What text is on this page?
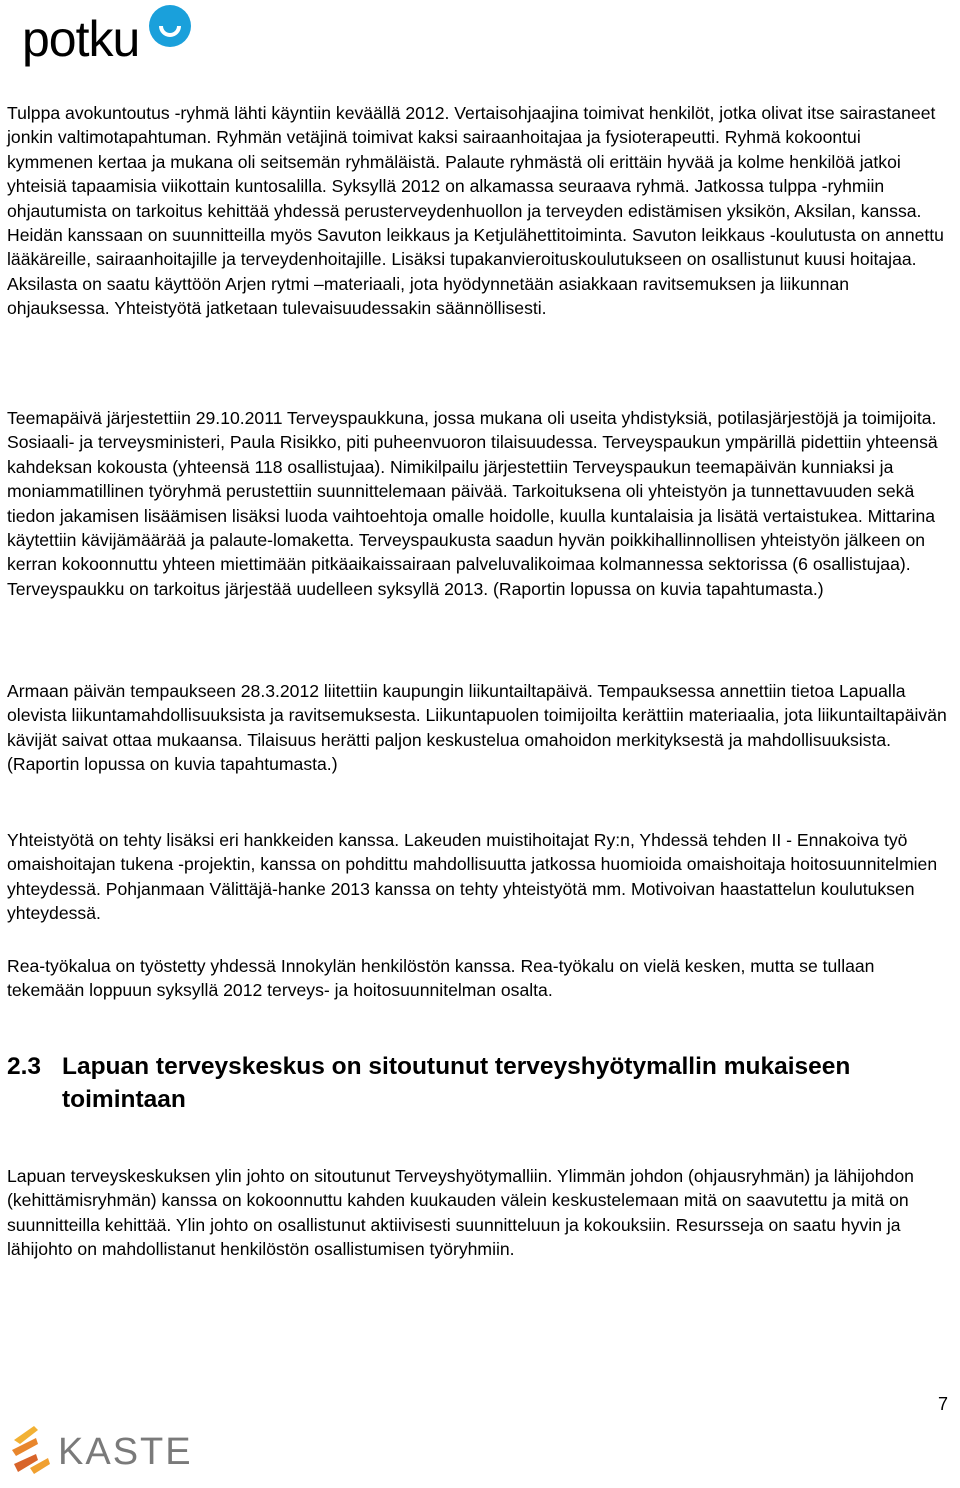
potku

Tulppa avokuntoutus -ryhmä lähti käyntiin keväällä 2012. Vertaisohjaajina toimivat henkilöt, jotka olivat itse sairastaneet jonkin valtimotapahtuman. Ryhmän vetäjinä toimivat kaksi sairaanhoitajaa ja fysioterapeutti. Ryhmä kokoontui kymmenen kertaa ja mukana oli seitsemän ryhmäläistä. Palaute ryhmästä oli erittäin hyvää ja kolme henkilöä jatkoi yhteisiä tapaamisia viikottain kuntosalilla. Syksyllä 2012 on alkamassa seuraava ryhmä. Jatkossa tulppa -ryhmiin ohjautumista on tarkoitus kehittää yhdessä perusterveydenhuollon ja terveyden edistämisen yksikön, Aksilan, kanssa. Heidän kanssaan on suunnitteilla myös Savuton leikkaus ja Ketjulähettitoiminta. Savuton leikkaus -koulutusta on annettu lääkäreille, sairaanhoitajille ja terveydenhoitajille. Lisäksi tupakanvieroituskoulutukseen on osallistunut kuusi hoitajaa. Aksilasta on saatu käyttöön Arjen rytmi –materiaali, jota hyödynnetään asiakkaan ravitsemuksen ja liikunnan ohjauksessa. Yhteistyötä jatketaan tulevaisuudessakin säännöllisesti.

Teemapäivä järjestettiin 29.10.2011 Terveyspaukkuna, jossa mukana oli useita yhdistyksiä, potilasjärjestöjä ja toimijoita. Sosiaali- ja terveysministeri, Paula Risikko, piti puheenvuoron tilaisuudessa. Terveyspaukun ympärillä pidettiin yhteensä kahdeksan kokousta (yhteensä 118 osallistujaa). Nimikilpailu järjestettiin Terveyspaukun teemapäivän kunniaksi ja moniammatillinen työryhmä perustettiin suunnittelemaan päivää. Tarkoituksena oli yhteistyön ja tunnettavuuden sekä tiedon jakamisen lisäämisen lisäksi luoda vaihtoehtoja omalle hoidolle, kuulla kuntalaisia ja lisätä vertaistukea. Mittarina käytettiin kävijämäärää ja palaute-lomaketta. Terveyspaukusta saadun hyvän poikkihallinnollisen yhteistyön jälkeen on kerran kokoonnuttu yhteen miettimään pitkäaikaissairaan palveluvalikoimaa kolmannessa sektorissa (6 osallistujaa). Terveyspaukku on tarkoitus järjestää uudelleen syksyllä 2013. (Raportin lopussa on kuvia tapahtumasta.)

Armaan päivän tempaukseen 28.3.2012 liitettiin kaupungin liikuntailtapäivä. Tempauksessa annettiin tietoa Lapualla olevista liikuntamahdollisuuksista ja ravitsemuksesta. Liikuntapuolen toimijoilta kerättiin materiaalia, jota liikuntailtapäivän kävijät saivat ottaa mukaansa. Tilaisuus herätti paljon keskustelua omahoidon merkityksestä ja mahdollisuuksista. (Raportin lopussa on kuvia tapahtumasta.)

Yhteistyötä on tehty lisäksi eri hankkeiden kanssa. Lakeuden muistihoitajat Ry:n, Yhdessä tehden II - Ennakoiva työ omaishoitajan tukena -projektin, kanssa on pohdittu mahdollisuutta jatkossa huomioida omaishoitaja hoitosuunnitelmien yhteydessä. Pohjanmaan Välittäjä-hanke 2013 kanssa on tehty yhteistyötä mm. Motivoivan haastattelun koulutuksen yhteydessä.

Rea-työkalua on työstetty yhdessä Innokylän henkilöstön kanssa. Rea-työkalu on vielä kesken, mutta se tullaan tekemään loppuun syksyllä 2012 terveys- ja hoitosuunnitelman osalta.

2.3 Lapuan terveyskeskus on sitoutunut terveyshyötymallin mukaiseen
toimintaan

Lapuan terveyskeskuksen ylin johto on sitoutunut Terveyshyötymalliin. Ylimmän johdon (ohjausryhmän) ja lähijohdon (kehittämisryhmän) kanssa on kokoonnuttu kahden kuukauden välein keskustelemaan mitä on saavutettu ja mitä on suunnitteilla kehittää. Ylin johto on osallistunut aktiivisesti suunnitteluun ja kokouksiin. Resursseja on saatu hyvin ja lähijohto on mahdollistanut henkilöstön osallistumisen työryhmiin.

7
KASTE
